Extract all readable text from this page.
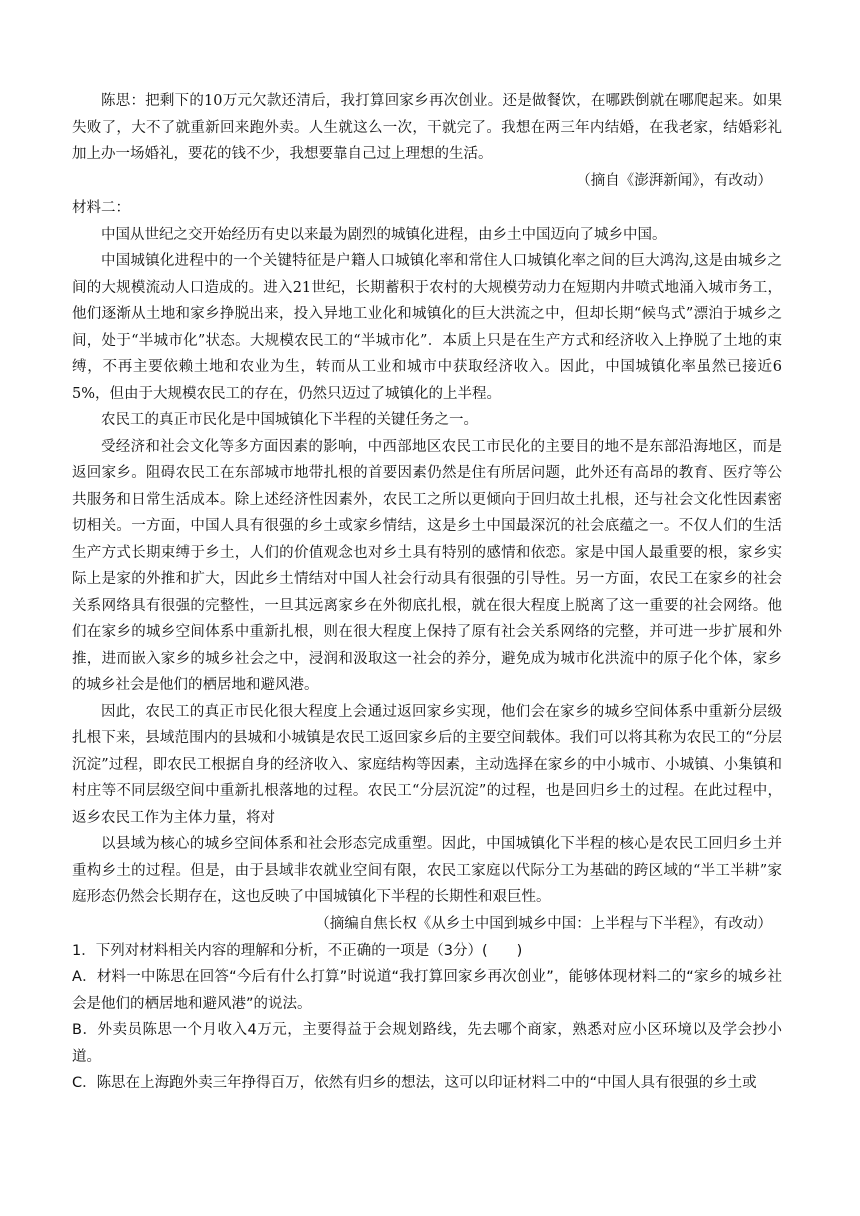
陈思：把剩下的10万元欠款还清后，我打算回家乡再次创业。还是做餐饮，在哪跌倒就在哪爬起来。如果失败了，大不了就重新回来跑外卖。人生就这么一次，干就完了。我想在两三年内结婚，在我老家，结婚彩礼加上办一场婚礼，要花的钱不少，我想要靠自己过上理想的生活。

（摘自《澎湃新闻》，有改动）

材料二：

中国从世纪之交开始经历有史以来最为剧烈的城镇化进程，由乡土中国迈向了城乡中国。

中国城镇化进程中的一个关键特征是户籍人口城镇化率和常住人口城镇化率之间的巨大鸿沟,这是由城乡之间的大规模流动人口造成的。进入21世纪，长期蓄积于农村的大规模劳动力在短期内井喷式地涌入城市务工，他们逐渐从土地和家乡挣脱出来，投入异地工业化和城镇化的巨大洪流之中，但却长期“候鸟式”漂泊于城乡之间，处于“半城市化”状态。大规模农民工的“半城市化”．本质上只是在生产方式和经济收入上挣脱了土地的束缚，不再主要依赖土地和农业为生，转而从工业和城市中获取经济收入。因此，中国城镇化率虽然已接近65%，但由于大规模农民工的存在，仍然只迈过了城镇化的上半程。

农民工的真正市民化是中国城镇化下半程的关键任务之一。

受经济和社会文化等多方面因素的影响，中西部地区农民工市民化的主要目的地不是东部沿海地区，而是返回家乡。阻碍农民工在东部城市地带扎根的首要因素仍然是住有所居问题，此外还有高昂的教育、医疗等公共服务和日常生活成本。除上述经济性因素外，农民工之所以更倾向于回归故土扎根，还与社会文化性因素密切相关。一方面，中国人具有很强的乡土或家乡情结，这是乡土中国最深沉的社会底蕴之一。不仅人们的生活生产方式长期束缚于乡土，人们的价值观念也对乡土具有特别的感情和依恋。家是中国人最重要的根，家乡实际上是家的外推和扩大，因此乡土情结对中国人社会行动具有很强的引导性。另一方面，农民工在家乡的社会关系网络具有很强的完整性，一旦其远离家乡在外彻底扎根，就在很大程度上脱离了这一重要的社会网络。他们在家乡的城乡空间体系中重新扎根，则在很大程度上保持了原有社会关系网络的完整，并可进一步扩展和外推，进而嵌入家乡的城乡社会之中，浸润和汲取这一社会的养分，避免成为城市化洪流中的原子化个体，家乡的城乡社会是他们的栖居地和避风港。

因此，农民工的真正市民化很大程度上会通过返回家乡实现，他们会在家乡的城乡空间体系中重新分层级扎根下来，县域范围内的县城和小城镇是农民工返回家乡后的主要空间载体。我们可以将其称为农民工的“分层沉淀”过程，即农民工根据自身的经济收入、家庭结构等因素，主动选择在家乡的中小城市、小城镇、小集镇和村庄等不同层级空间中重新扎根落地的过程。农民工“分层沉淀”的过程，也是回归乡土的过程。在此过程中，返乡农民工作为主体力量，将对

以县域为核心的城乡空间体系和社会形态完成重塑。因此，中国城镇化下半程的核心是农民工回归乡土并重构乡土的过程。但是，由于县域非农就业空间有限，农民工家庭以代际分工为基础的跨区域的“半工半耕”家庭形态仍然会长期存在，这也反映了中国城镇化下半程的长期性和艰巨性。

（摘编自焦长权《从乡土中国到城乡中国：上半程与下半程》，有改动）

1．下列对材料相关内容的理解和分析，不正确的一项是（3分）(　　)

A．材料一中陈思在回答“今后有什么打算”时说道“我打算回家乡再次创业”，能够体现材料二的“家乡的城乡社会是他们的栖居地和避风港”的说法。

B．外卖员陈思一个月收入4万元，主要得益于会规划路线，先去哪个商家，熟悉对应小区环境以及学会抄小道。

C．陈思在上海跑外卖三年挣得百万，依然有归乡的想法，这可以印证材料二中的“中国人具有很强的乡土或
